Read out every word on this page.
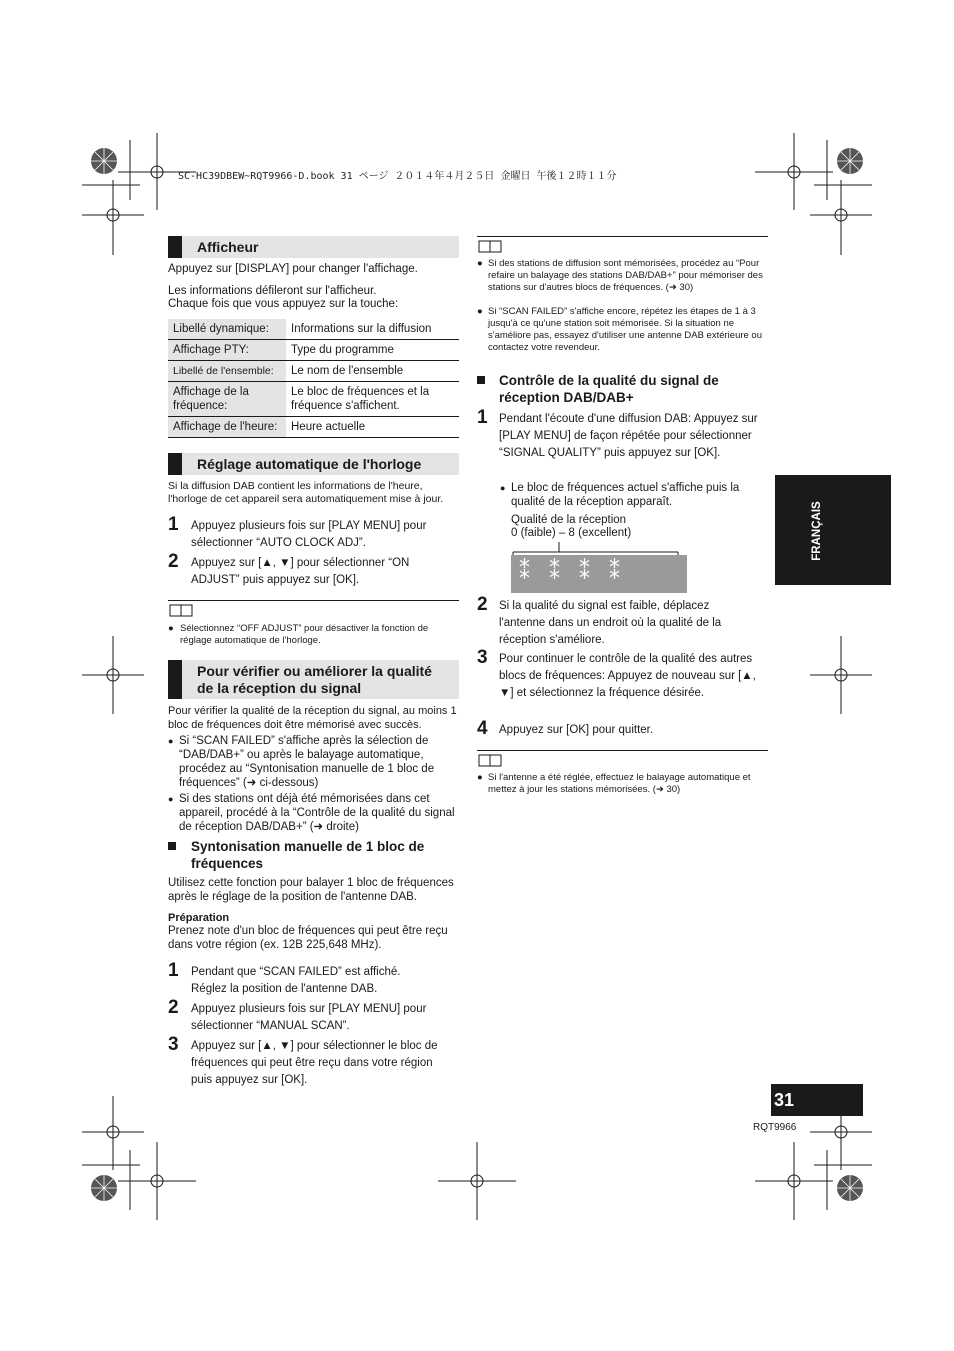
SC-HC39DBEW~RQT9966-D.book 31 ページ ２０１４年４月２５日 金曜日 午後１２時１１分
Afficheur
Appuyez sur [DISPLAY] pour changer l'affichage.
Les informations défileront sur l'afficheur.
Chaque fois que vous appuyez sur la touche:
Libellé dynamique:	Informations sur la diffusion
Affichage PTY:	Type du programme
Libellé de l'ensemble:	Le nom de l'ensemble
Affichage de la fréquence:	Le bloc de fréquences et la fréquence s'affichent.
Affichage de l'heure:	Heure actuelle
Réglage automatique de l'horloge
Si la diffusion DAB contient les informations de l'heure, l'horloge de cet appareil sera automatiquement mise à jour.
1 Appuyez plusieurs fois sur [PLAY MENU] pour sélectionner “AUTO CLOCK ADJ”.
2 Appuyez sur [▲, ▼] pour sélectionner “ON ADJUST” puis appuyez sur [OK].
● Sélectionnez “OFF ADJUST” pour désactiver la fonction de réglage automatique de l'horloge.
Pour vérifier ou améliorer la qualité de la réception du signal
Pour vérifier la qualité de la réception du signal, au moins 1 bloc de fréquences doit être mémorisé avec succès.
● Si “SCAN FAILED” s'affiche après la sélection de “DAB/DAB+” ou après le balayage automatique, procédez au “Syntonisation manuelle de 1 bloc de fréquences” (➜ ci-dessous)
● Si des stations ont déjà été mémorisées dans cet appareil, procédé à la “Contrôle de la qualité du signal de réception DAB/DAB+” (➜ droite)
Syntonisation manuelle de 1 bloc de fréquences
Utilisez cette fonction pour balayer 1 bloc de fréquences après le réglage de la position de l'antenne DAB.
Préparation
Prenez note d'un bloc de fréquences qui peut être reçu dans votre région (ex. 12B 225,648 MHz).
1 Pendant que “SCAN FAILED” est affiché. Réglez la position de l'antenne DAB.
2 Appuyez plusieurs fois sur [PLAY MENU] pour sélectionner “MANUAL SCAN”.
3 Appuyez sur [▲, ▼] pour sélectionner le bloc de fréquences qui peut être reçu dans votre région puis appuyez sur [OK].
● Si des stations de diffusion sont mémorisées, procédez au “Pour refaire un balayage des stations DAB/DAB+” pour mémoriser des stations sur d'autres blocs de fréquences. (➜ 30)
● Si “SCAN FAILED” s'affiche encore, répétez les étapes de 1 à 3 jusqu'à ce qu'une station soit mémorisée. Si la situation ne s'améliore pas, essayez d'utiliser une antenne DAB extérieure ou contactez votre revendeur.
Contrôle de la qualité du signal de réception DAB/DAB+
1 Pendant l'écoute d'une diffusion DAB: Appuyez sur [PLAY MENU] de façon répétée pour sélectionner “SIGNAL QUALITY” puis appuyez sur [OK].
● Le bloc de fréquences actuel s'affiche puis la qualité de la réception apparaît.
Qualité de la réception
0 (faible) – 8 (excellent)
⁑ ⁑ ⁑ ⁑
2 Si la qualité du signal est faible, déplacez l'antenne dans un endroit où la qualité de la réception s'améliore.
3 Pour continuer le contrôle de la qualité des autres blocs de fréquences: Appuyez de nouveau sur [▲, ▼] et sélectionnez la fréquence désirée.
4 Appuyez sur [OK] pour quitter.
● Si l'antenne a été réglée, effectuez le balayage automatique et mettez à jour les stations mémorisées. (➜ 30)
FRANÇAIS
31
RQT9966
